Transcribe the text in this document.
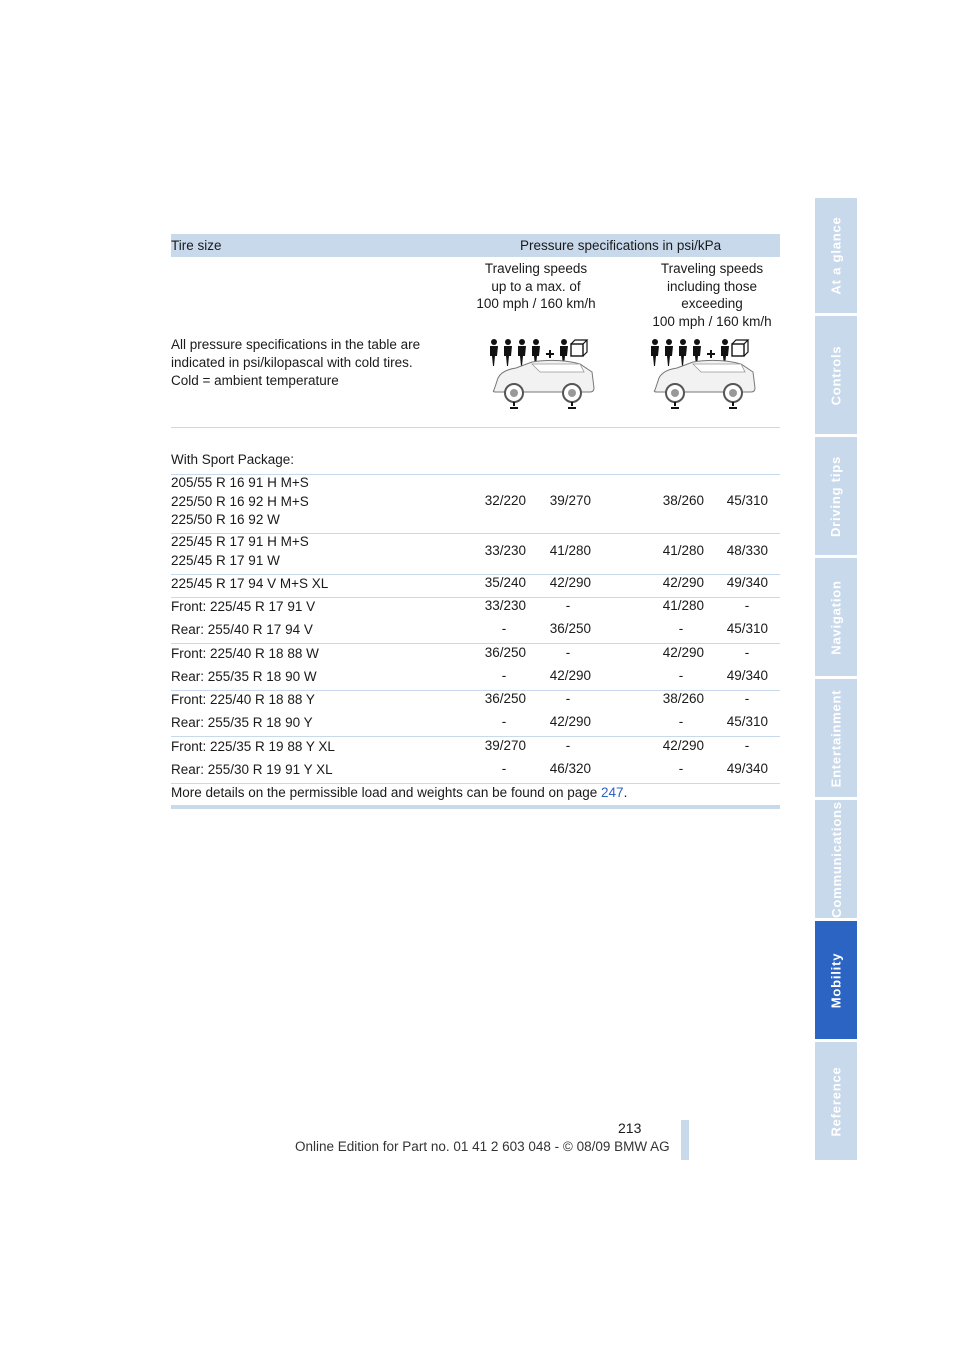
At a glance
Controls
Driving tips
Navigation
Entertainment
Communications
Mobility
Reference
Tire size	Pressure specifications in psi/kPa
Traveling speeds
up to a max. of
100 mph / 160 km/h
Traveling speeds
including those
exceeding
100 mph / 160 km/h
All pressure specifications in the table are
indicated in psi/kilopascal with cold tires.
Cold = ambient temperature
With Sport Package:
205/55 R 16 91 H M+S
225/50 R 16 92 H M+S
225/50 R 16 92 W
32/220	39/270	38/260	45/310
225/45 R 17 91 H M+S
225/45 R 17 91 W
33/230	41/280	41/280	48/330
225/45 R 17 94 V M+S XL	35/240	42/290	42/290	49/340
Front: 225/45 R 17 91 V	33/230	-	41/280	-
Rear: 255/40 R 17 94 V	-	36/250	-	45/310
Front: 225/40 R 18 88 W	36/250	-	42/290	-
Rear: 255/35 R 18 90 W	-	42/290	-	49/340
Front: 225/40 R 18 88 Y	36/250	-	38/260	-
Rear: 255/35 R 18 90 Y	-	42/290	-	45/310
Front: 225/35 R 19 88 Y XL	39/270	-	42/290	-
Rear: 255/30 R 19 91 Y XL	-	46/320	-	49/340
More details on the permissible load and weights can be found on page 247.
213
Online Edition for Part no. 01 41 2 603 048 - © 08/09 BMW AG
